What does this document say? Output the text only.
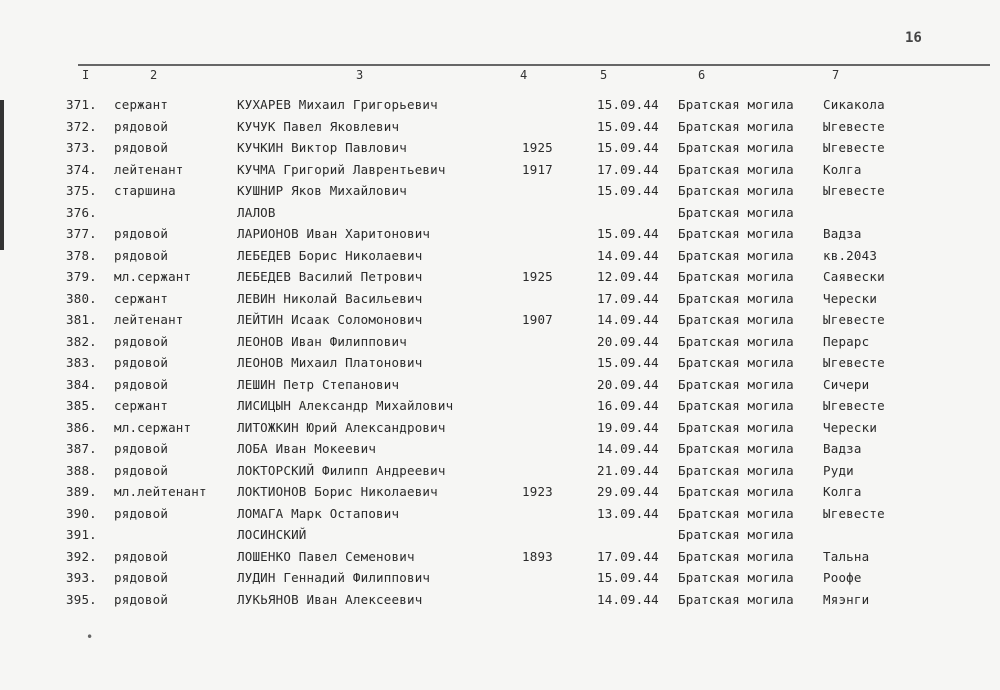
16
I	2	3	4	5	6	7
371. сержант	КУХАРЕВ Михаил Григорьевич	15.09.44 Братская могила Сикакола
372. рядовой	КУЧУК Павел Яковлевич	15.09.44 Братская могила Ыгевесте
373. рядовой	КУЧКИН Виктор Павлович	1925	15.09.44 Братская могила Ыгевесте
374. лейтенант	КУЧМА Григорий Лаврентьевич	1917	17.09.44 Братская могила Колга
375. старшина	КУШНИР Яков Михайлович	15.09.44 Братская могила Ыгевесте
376.	ЛАЛОВ	Братская могила
377. рядовой	ЛАРИОНОВ Иван Харитонович	15.09.44 Братская могила Вадза
378. рядовой	ЛЕБЕДЕВ Борис Николаевич	14.09.44 Братская могила кв.2043
379. мл.сержант	ЛЕБЕДЕВ Василий Петрович	1925	12.09.44 Братская могила Саявески
380. сержант	ЛЕВИН Николай Васильевич	17.09.44 Братская могила Черески
381. лейтенант	ЛЕЙТИН Исаак Соломонович	1907	14.09.44 Братская могила Ыгевесте
382. рядовой	ЛЕОНОВ Иван Филиппович	20.09.44 Братская могила Перарс
383. рядовой	ЛЕОНОВ Михаил Платонович	15.09.44 Братская могила Ыгевесте
384. рядовой	ЛЕШИН Петр Степанович	20.09.44 Братская могила Сичери
385. сержант	ЛИСИЦЫН Александр Михайлович	16.09.44 Братская могила Ыгевесте
386. мл.сержант	ЛИТОЖКИН Юрий Александрович	19.09.44 Братская могила Черески
387. рядовой	ЛОБА Иван Мокеевич	14.09.44 Братская могила Вадза
388. рядовой	ЛОКТОРСКИЙ Филипп Андреевич	21.09.44 Братская могила Руди
389. мл.лейтенант ЛОКТИОНОВ Борис Николаевич	1923	29.09.44 Братская могила Колга
390. рядовой	ЛОМАГА Марк Остапович	13.09.44 Братская могила Ыгевесте
391.	ЛОСИНСКИЙ	Братская могила
392. рядовой	ЛОШЕНКО Павел Семенович	1893	17.09.44 Братская могила Тальна
393. рядовой	ЛУДИН Геннадий Филиппович	15.09.44 Братская могила Роофе
395. рядовой	ЛУКЬЯНОВ Иван Алексеевич	14.09.44 Братская могила Мяэнги
•
